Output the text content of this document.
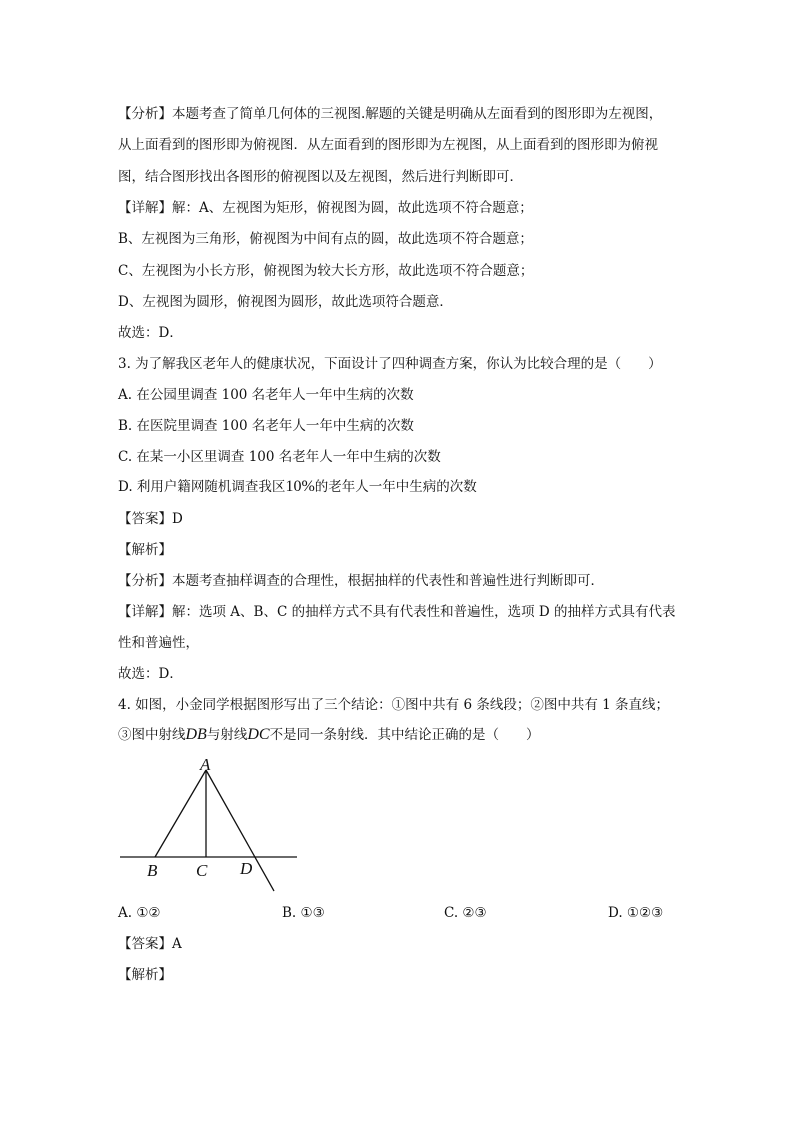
【分析】本题考查了简单几何体的三视图.解题的关键是明确从左面看到的图形即为左视图，
从上面看到的图形即为俯视图．从左面看到的图形即为左视图，从上面看到的图形即为俯视
图，结合图形找出各图形的俯视图以及左视图，然后进行判断即可．
【详解】解：A、左视图为矩形，俯视图为圆，故此选项不符合题意；
B、左视图为三角形，俯视图为中间有点的圆，故此选项不符合题意；
C、左视图为小长方形，俯视图为较大长方形，故此选项不符合题意；
D、左视图为圆形，俯视图为圆形，故此选项符合题意．
故选：D．
3. 为了解我区老年人的健康状况，下面设计了四种调查方案，你认为比较合理的是（　　）
A. 在公园里调查 100 名老年人一年中生病的次数
B. 在医院里调查 100 名老年人一年中生病的次数
C. 在某一小区里调查 100 名老年人一年中生病的次数
D. 利用户籍网随机调查我区10%的老年人一年中生病的次数
【答案】D
【解析】
【分析】本题考查抽样调查的合理性，根据抽样的代表性和普遍性进行判断即可．
【详解】解：选项 A、B、C 的抽样方式不具有代表性和普遍性，选项 D 的抽样方式具有代表
性和普遍性，
故选：D．
4. 如图，小金同学根据图形写出了三个结论：①图中共有 6 条线段；②图中共有 1 条直线；
③图中射线DB与射线DC不是同一条射线．其中结论正确的是（　　）
A
B C D
A. ①②	B. ①③	C. ②③	D. ①②③
【答案】A
【解析】
